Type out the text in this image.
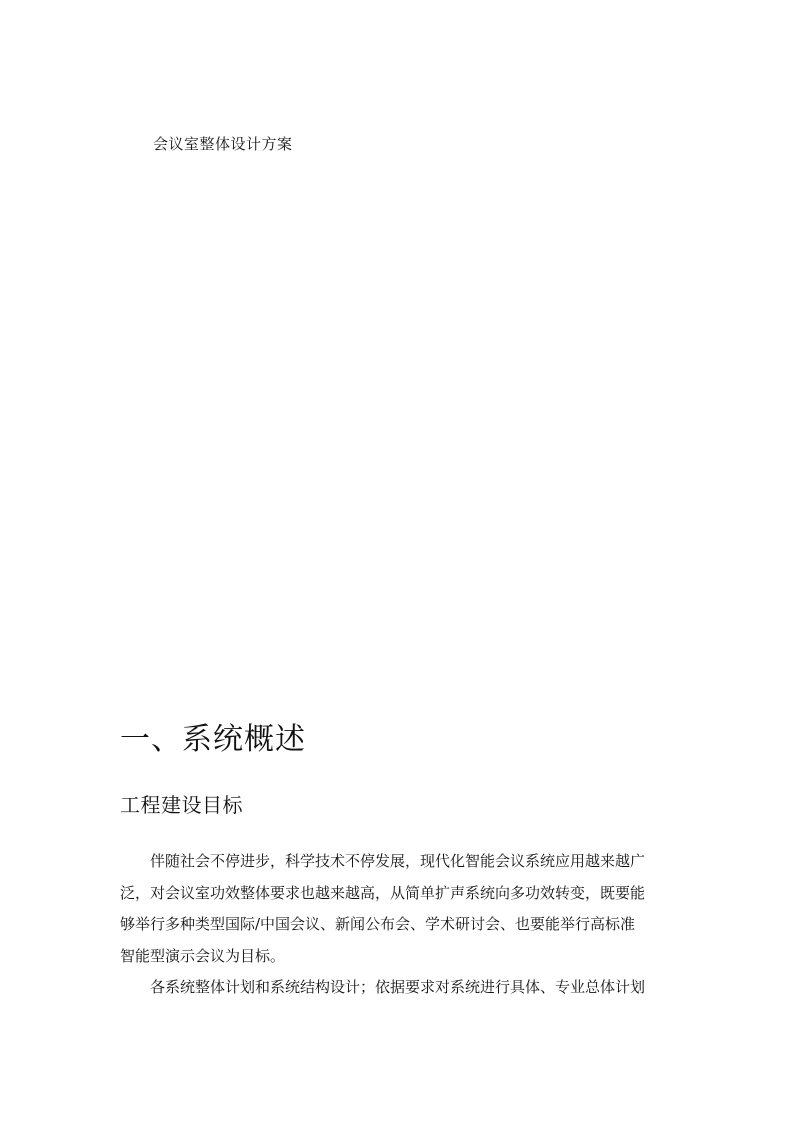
会议室整体设计方案
一、系统概述
工程建设目标
伴随社会不停进步，科学技术不停发展，现代化智能会议系统应用越来越广
泛，对会议室功效整体要求也越来越高，从简单扩声系统向多功效转变，既要能
够举行多种类型国际/中国会议、新闻公布会、学术研讨会、也要能举行高标准
智能型演示会议为目标。
各系统整体计划和系统结构设计；依据要求对系统进行具体、专业总体计划
